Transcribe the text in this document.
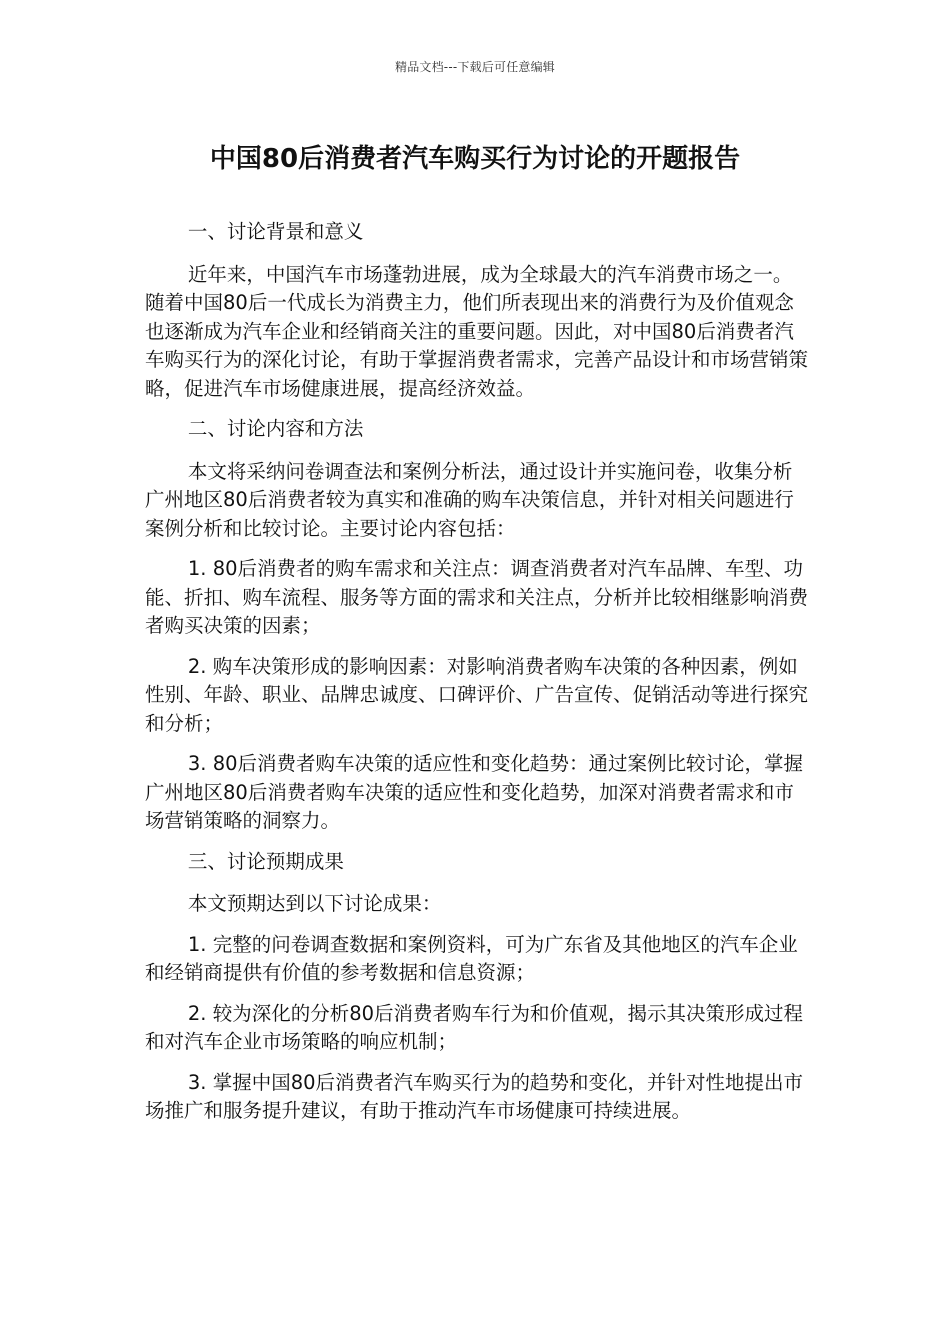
精品文档---下载后可任意编辑
中国80后消费者汽车购买行为讨论的开题报告

一、讨论背景和意义

近年来，中国汽车市场蓬勃进展，成为全球最大的汽车消费市场之一。随着中国80后一代成长为消费主力，他们所表现出来的消费行为及价值观念也逐渐成为汽车企业和经销商关注的重要问题。因此，对中国80后消费者汽车购买行为的深化讨论，有助于掌握消费者需求，完善产品设计和市场营销策略，促进汽车市场健康进展，提高经济效益。

二、讨论内容和方法

本文将采纳问卷调查法和案例分析法，通过设计并实施问卷，收集分析广州地区80后消费者较为真实和准确的购车决策信息，并针对相关问题进行案例分析和比较讨论。主要讨论内容包括：

1. 80后消费者的购车需求和关注点：调查消费者对汽车品牌、车型、功能、折扣、购车流程、服务等方面的需求和关注点，分析并比较相继影响消费者购买决策的因素；

2. 购车决策形成的影响因素：对影响消费者购车决策的各种因素，例如性别、年龄、职业、品牌忠诚度、口碑评价、广告宣传、促销活动等进行探究和分析；

3. 80后消费者购车决策的适应性和变化趋势：通过案例比较讨论，掌握广州地区80后消费者购车决策的适应性和变化趋势，加深对消费者需求和市场营销策略的洞察力。

三、讨论预期成果

本文预期达到以下讨论成果：

1. 完整的问卷调查数据和案例资料，可为广东省及其他地区的汽车企业和经销商提供有价值的参考数据和信息资源；

2. 较为深化的分析80后消费者购车行为和价值观，揭示其决策形成过程和对汽车企业市场策略的响应机制；

3. 掌握中国80后消费者汽车购买行为的趋势和变化，并针对性地提出市场推广和服务提升建议，有助于推动汽车市场健康可持续进展。
